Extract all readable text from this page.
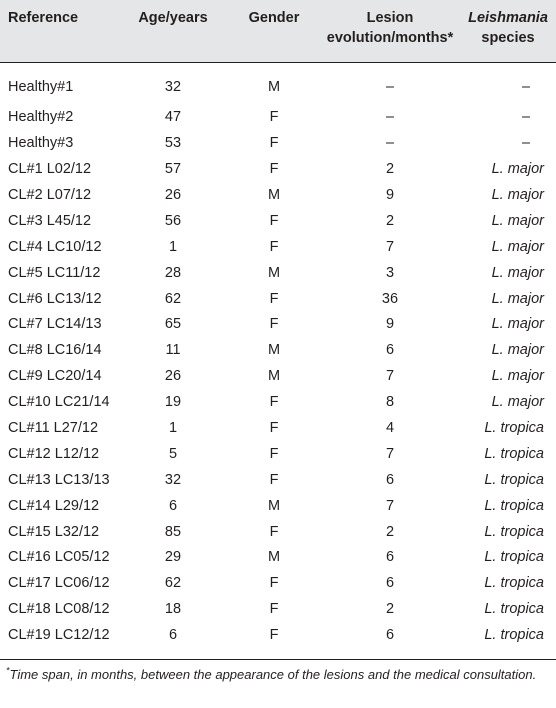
Reference	Age/years	Gender	Lesion evolution/months*	Leishmania
species
Healthy#1	32	M	–	–
Healthy#2	47	F	–	–
Healthy#3	53	F	–	–
CL#1 L02/12	57	F	2	L. major
CL#2 L07/12	26	M	9	L. major
CL#3 L45/12	56	F	2	L. major
CL#4 LC10/12	1	F	7	L. major
CL#5 LC11/12	28	M	3	L. major
CL#6 LC13/12	62	F	36	L. major
CL#7 LC14/13	65	F	9	L. major
CL#8 LC16/14	11	M	6	L. major
CL#9 LC20/14	26	M	7	L. major
CL#10 LC21/14	19	F	8	L. major
CL#11 L27/12	1	F	4	L. tropica
CL#12 L12/12	5	F	7	L. tropica
CL#13 LC13/13	32	F	6	L. tropica
CL#14 L29/12	6	M	7	L. tropica
CL#15 L32/12	85	F	2	L. tropica
CL#16 LC05/12	29	M	6	L. tropica
CL#17 LC06/12	62	F	6	L. tropica
CL#18 LC08/12	18	F	2	L. tropica
CL#19 LC12/12	6	F	6	L. tropica
*Time span, in months, between the appearance of the lesions and the medical consultation.
